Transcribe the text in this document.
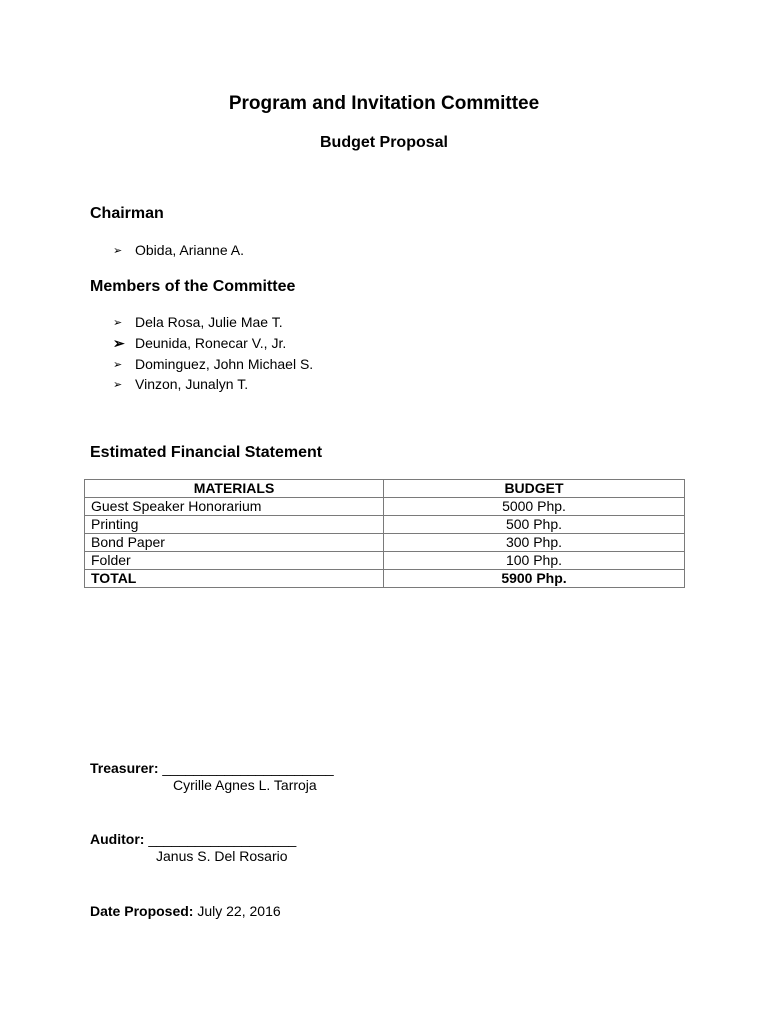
Program and Invitation Committee
Budget Proposal
Chairman
➢ Obida, Arianne A.
Members of the Committee
➢ Dela Rosa, Julie Mae T.
➢ Deunida, Ronecar V., Jr.
➢ Dominguez, John Michael S.
➢ Vinzon, Junalyn T.
Estimated Financial Statement
MATERIALS	BUDGET
Guest Speaker Honorarium	5000 Php.
Printing	500 Php.
Bond Paper	300 Php.
Folder	100 Php.
TOTAL	5900 Php.
Treasurer: ______________________
Cyrille Agnes L. Tarroja
Auditor: ___________________
Janus S. Del Rosario
Date Proposed: July 22, 2016
